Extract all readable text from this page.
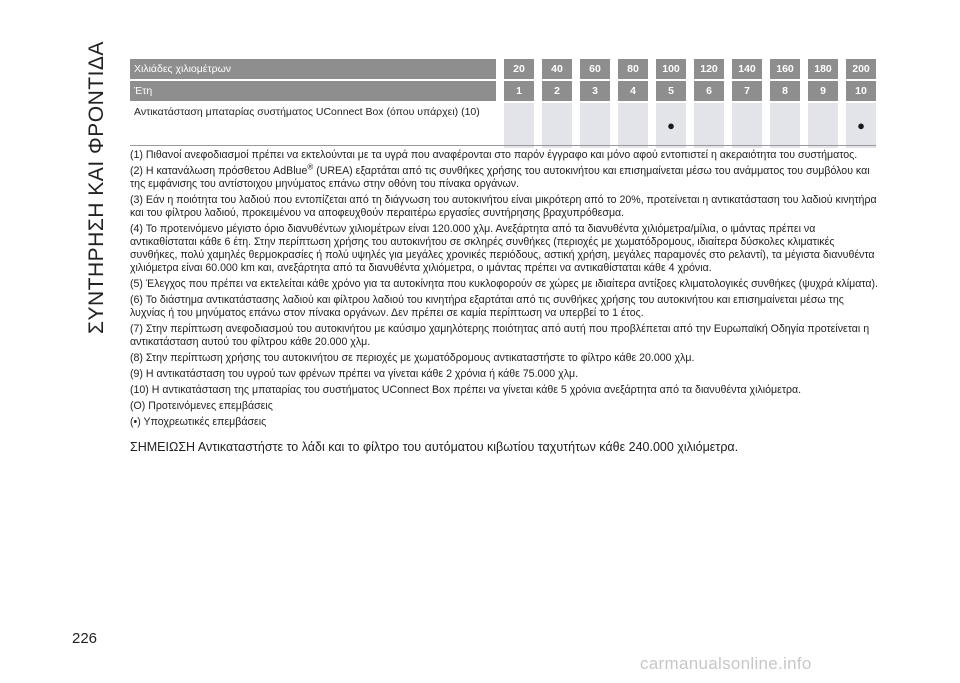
ΣΥΝΤΗΡΗΣΗ ΚΑΙ ΦΡΟΝΤΙΔΑ	Χιλιάδες χιλιομέτρων	20	40	60	80	100	120	140	160	180	200
Έτη	1	2	3	4	5	6	7	8	9	10
Αντικατάσταση μπαταρίας συστήματος UConnect Box (όπου υπάρχει) (10)					●					●

(1) Πιθανοί ανεφοδιασμοί πρέπει να εκτελούνται με τα υγρά που αναφέρονται στο παρόν έγγραφο και μόνο αφού εντοπιστεί η ακεραιότητα του συστήματος.

(2) Η κατανάλωση πρόσθετου AdBlue® (UREA) εξαρτάται από τις συνθήκες χρήσης του αυτοκινήτου και επισημαίνεται μέσω του ανάμματος του συμβόλου και της εμφάνισης του αντίστοιχου μηνύματος επάνω στην οθόνη του πίνακα οργάνων.

(3) Εάν η ποιότητα του λαδιού που εντοπίζεται από τη διάγνωση του αυτοκινήτου είναι μικρότερη από το 20%, προτείνεται η αντικατάσταση του λαδιού κινητήρα και του φίλτρου λαδιού, προκειμένου να αποφευχθούν περαιτέρω εργασίες συντήρησης βραχυπρόθεσμα.

(4) Το προτεινόμενο μέγιστο όριο διανυθέντων χιλιομέτρων είναι 120.000 χλμ. Ανεξάρτητα από τα διανυθέντα χιλιόμετρα/μίλια, ο ιμάντας πρέπει να αντικαθίσταται κάθε 6 έτη. Στην περίπτωση χρήσης του αυτοκινήτου σε σκληρές συνθήκες (περιοχές με χωματόδρομους, ιδιαίτερα δύσκολες κλιματικές συνθήκες, πολύ χαμηλές θερμοκρασίες ή πολύ υψηλές για μεγάλες χρονικές περιόδους, αστική χρήση, μεγάλες παραμονές στο ρελαντί), τα μέγιστα διανυθέντα χιλιόμετρα είναι 60.000 km και, ανεξάρτητα από τα διανυθέντα χιλιόμετρα, ο ιμάντας πρέπει να αντικαθίσταται κάθε 4 χρόνια.

(5) Έλεγχος που πρέπει να εκτελείται κάθε χρόνο για τα αυτοκίνητα που κυκλοφορούν σε χώρες με ιδιαίτερα αντίξοες κλιματολογικές συνθήκες (ψυχρά κλίματα).

(6) Το διάστημα αντικατάστασης λαδιού και φίλτρου λαδιού του κινητήρα εξαρτάται από τις συνθήκες χρήσης του αυτοκινήτου και επισημαίνεται μέσω της λυχνίας ή του μηνύματος επάνω στον πίνακα οργάνων. Δεν πρέπει σε καμία περίπτωση να υπερβεί το 1 έτος.

(7) Στην περίπτωση ανεφοδιασμού του αυτοκινήτου με καύσιμο χαμηλότερης ποιότητας από αυτή που προβλέπεται από την Ευρωπαϊκή Οδηγία προτείνεται η αντικατάσταση αυτού του φίλτρου κάθε 20.000 χλμ.

(8) Στην περίπτωση χρήσης του αυτοκινήτου σε περιοχές με χωματόδρομους αντικαταστήστε το φίλτρο κάθε 20.000 χλμ.

(9) Η αντικατάσταση του υγρού των φρένων πρέπει να γίνεται κάθε 2 χρόνια ή κάθε 75.000 χλμ.

(10) Η αντικατάσταση της μπαταρίας του συστήματος UConnect Box πρέπει να γίνεται κάθε 5 χρόνια ανεξάρτητα από τα διανυθέντα χιλιόμετρα.

(O) Προτεινόμενες επεμβάσεις

(•) Υποχρεωτικές επεμβάσεις

ΣΗΜΕΙΩΣΗ Αντικαταστήστε το λάδι και το φίλτρο του αυτόματου κιβωτίου ταχυτήτων κάθε 240.000 χιλιόμετρα.
226
carmanualsonline.info
